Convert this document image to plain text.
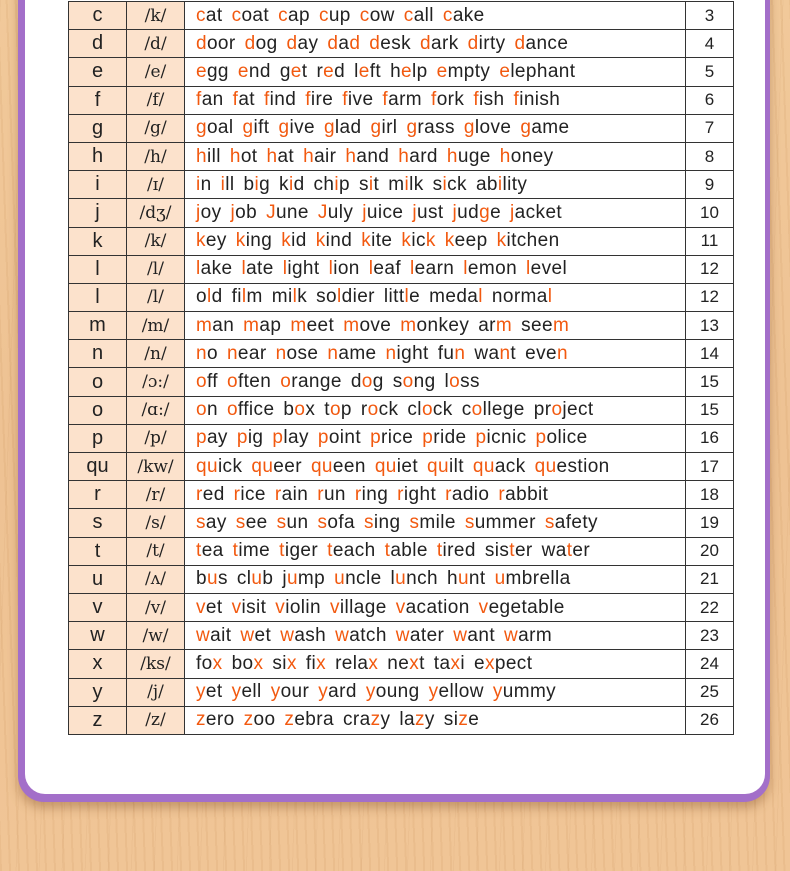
c	/k/	cat coat cap cup cow call cake	3
d	/d/	door dog day dad desk dark dirty dance	4
e	/e/	egg end get red left help empty elephant	5
f	/f/	fan fat find fire five farm fork fish finish	6
g	/g/	goal gift give glad girl grass glove game	7
h	/h/	hill hot hat hair hand hard huge honey	8
i	/ɪ/	in ill big kid chip sit milk sick ability	9
j	/dʒ/	joy job June July juice just judge jacket	10
k	/k/	key king kid kind kite kick keep kitchen	11
l	/l/	lake late light lion leaf learn lemon level	12
l	/l/	old film milk soldier little medal normal	12
m	/m/	man map meet move monkey arm seem	13
n	/n/	no near nose name night fun want even	14
o	/ɔ:/	off often orange dog song loss	15
o	/ɑ:/	on office box top rock clock college project	15
p	/p/	pay pig play point price pride picnic police	16
qu	/kw/	quick queer queen quiet quilt quack question	17
r	/r/	red rice rain run ring right radio rabbit	18
s	/s/	say see sun sofa sing smile summer safety	19
t	/t/	tea time tiger teach table tired sister water	20
u	/ʌ/	bus club jump uncle lunch hunt umbrella	21
v	/v/	vet visit violin village vacation vegetable	22
w	/w/	wait wet wash watch water want warm	23
x	/ks/	fox box six fix relax next taxi expect	24
y	/j/	yet yell your yard young yellow yummy	25
z	/z/	zero zoo zebra crazy lazy size	26
